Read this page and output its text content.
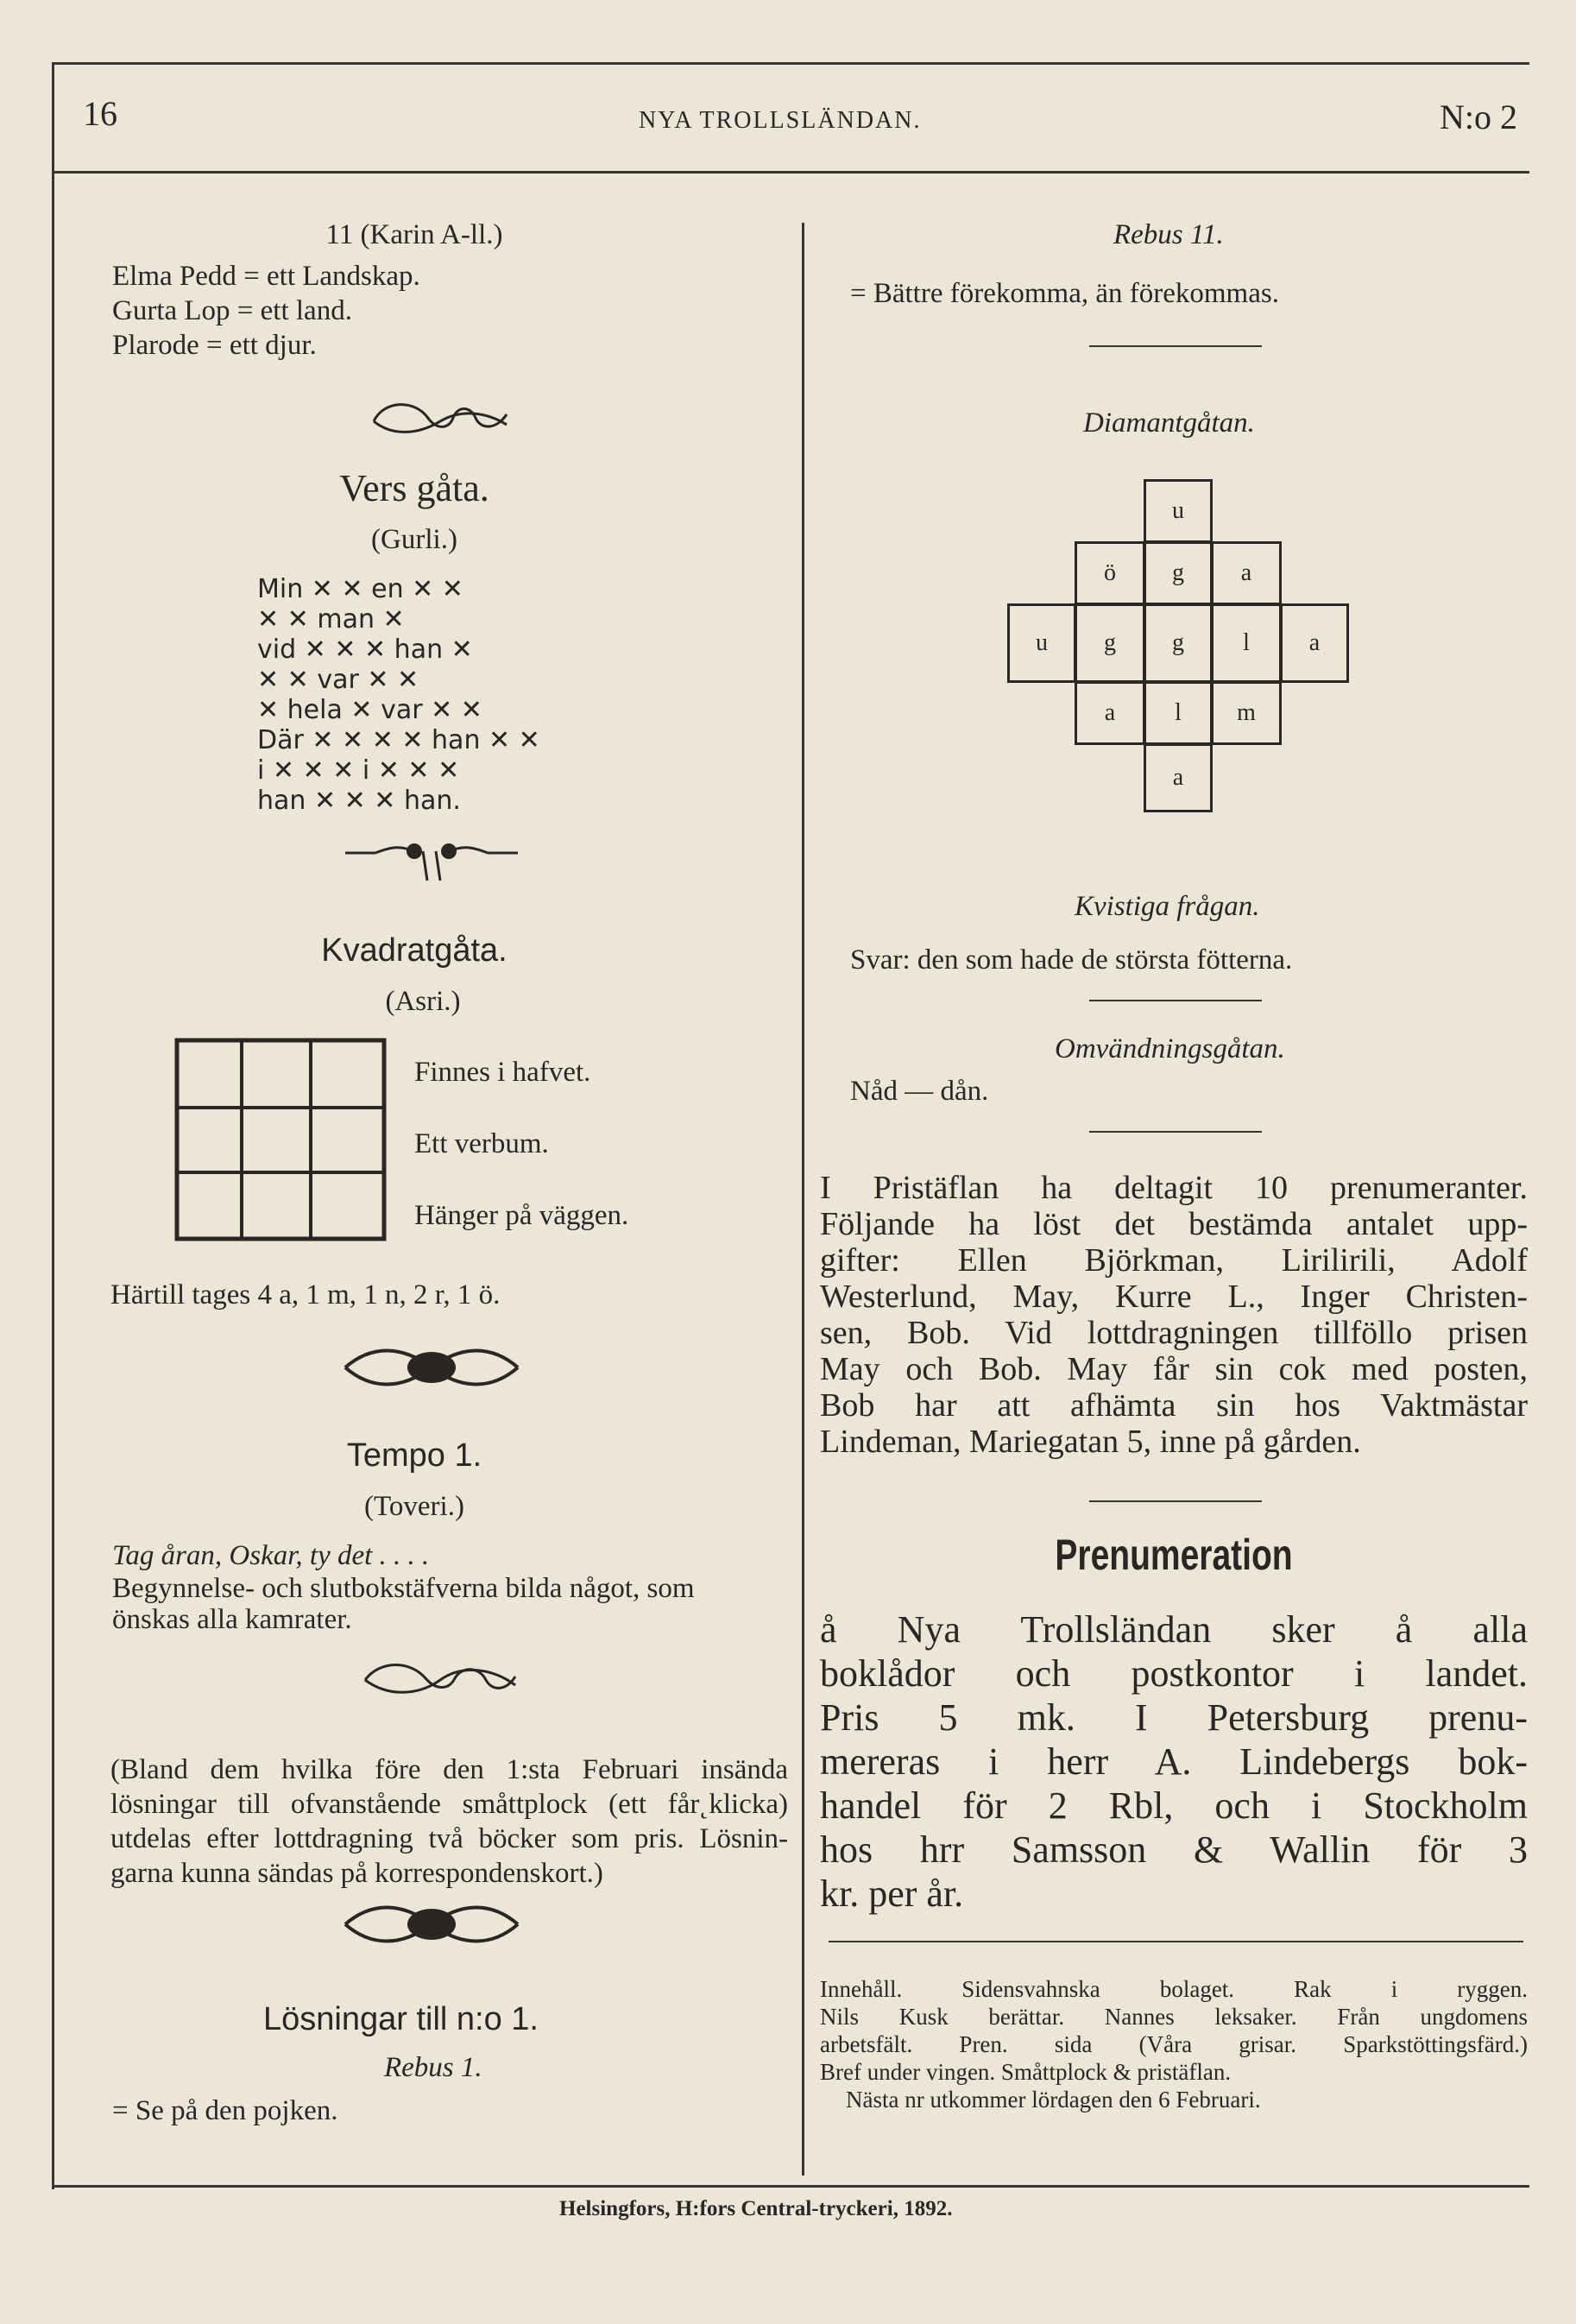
16	NYA TROLLSLÄNDAN.	N:o 2
11 (Karin A-ll.)
Elma Pedd = ett Landskap.
Gurta Lop = ett land.
Plarode = ett djur.
Vers gåta.
(Gurli.)
Min ✕ ✕ en ✕ ✕
✕ ✕ man ✕
vid ✕ ✕ ✕ han ✕
✕ ✕ var ✕ ✕
✕ hela ✕ var ✕ ✕
Där ✕ ✕ ✕ ✕ han ✕ ✕
i ✕ ✕ ✕ i ✕ ✕ ✕
han ✕ ✕ ✕ han.
Kvadratgåta.
(Asri.)
Finnes i hafvet.
Ett verbum.
Hänger på väggen.
Härtill tages 4 a, 1 m, 1 n, 2 r, 1 ö.
Tempo 1.
(Toveri.)
Tag åran, Oskar, ty det . . . .
Begynnelse- och slutbokstäfverna bilda något, som
önskas alla kamrater.
(Bland dem hvilka före den 1:sta Februari insända
lösningar till ofvanstående småttplock (ett får˛klicka)
utdelas efter lottdragning två böcker som pris. Lösnin-
garna kunna sändas på korrespondenskort.)
Lösningar till n:o 1.
Rebus 1.
= Se på den pojken.
Rebus 11.
= Bättre förekomma, än förekommas.
Diamantgåtan.
u
ö	g	a
u	g	g	l	a
a	l	m
a
Kvistiga frågan.
Svar: den som hade de största fötterna.
Omvändningsgåtan.
Nåd — dån.
I Pristäflan ha deltagit 10 prenumeranter.
Följande ha löst det bestämda antalet upp-
gifter: Ellen Björkman, Lirilirili, Adolf
Westerlund, May, Kurre L., Inger Christen-
sen, Bob. Vid lottdragningen tillföllo prisen
May och Bob. May får sin cok med posten,
Bob har att afhämta sin hos Vaktmästar
Lindeman, Mariegatan 5, inne på gården.
Prenumeration
å Nya Trollsländan sker å alla
boklådor och postkontor i landet.
Pris 5 mk. I Petersburg prenu-
mereras i herr A. Lindebergs bok-
handel för 2 Rbl, och i Stockholm
hos hrr Samsson & Wallin för 3
kr. per år.
Innehåll. Sidensvahnska bolaget. Rak i ryggen.
Nils Kusk berättar. Nannes leksaker. Från ungdomens
arbetsfält. Pren. sida (Våra grisar. Sparkstöttingsfärd.)
Bref under vingen. Småttplock & pristäflan.
Nästa nr utkommer lördagen den 6 Februari.
Helsingfors, H:fors Central-tryckeri, 1892.
